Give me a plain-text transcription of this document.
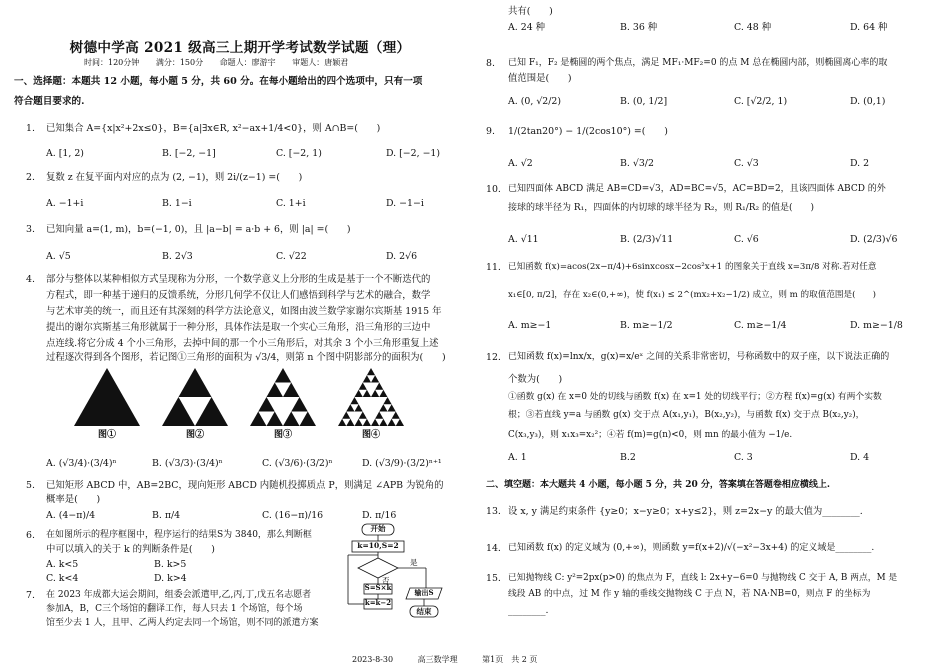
树德中学高 2021 级高三上期开学考试数学试题（理）
时间：120分钟 满分：150分 命题人：廖游宇 审题人：唐颖君
一、选择题：本题共 12 小题，每小题 5 分，共 60 分。在每小题给出的四个选项中，只有一项
符合题目要求的.
1. 已知集合 A={x|x²+2x≤0}，B={a|∃x∈R, x²−ax+1/4<0}，则 A∩B=(　　)
A. [1, 2)	B. [−2, −1]	C. [−2, 1)	D. [−2, −1)
2. 复数 z 在复平面内对应的点为 (2, −1)，则 2i/(z−1) =(　　)
A. −1+i	B. 1−i	C. 1+i	D. −1−i
3. 已知向量 a=(1, m)，b=(−1, 0)，且 |a−b| = a·b + 6，则 |a| =(　　)
A. √5	B. 2√3	C. √22	D. 2√6
4. 部分与整体以某种相似方式呈现称为分形，一个数学意义上分形的生成是基于一个不断迭代的
方程式，即一种基于递归的反馈系统，分形几何学不仅让人们感悟到科学与艺术的融合，数学
与艺术审美的统一，而且还有其深刻的科学方法论意义，如图由波兰数学家谢尔宾斯基 1915 年
提出的谢尔宾斯基三角形就属于一种分形，具体作法是取一个实心三角形，沿三角形的三边中
点连线.将它分成 4 个小三角形，去掉中间的那一个小三角形后，对其余 3 个小三角形重复上述
过程逐次得到各个图形，若记图①三角形的面积为 √3/4，则第 n 个图中阴影部分的面积为(　　)
图①	图②	图③	图④
A. (√3/4)·(3/4)ⁿ	B. (√3/3)·(3/4)ⁿ	C. (√3/6)·(3/2)ⁿ	D. (√3/9)·(3/2)ⁿ⁺¹
5. 已知矩形 ABCD 中，AB=2BC，现向矩形 ABCD 内随机投掷质点 P，则满足 ∠APB 为锐角的
概率是(　　)
A. (4−π)/4	B. π/4	C. (16−π)/16	D. π/16
6. 在如图所示的程序框图中，程序运行的结果S为 3840，那么判断框
中可以填入的关于 k 的判断条件是(　　)
A. k<5	B. k>5
C. k<4	D. k>4
开始
k=10,S=2
是
否
S=S×k
k=k−2
输出S
结束
7. 在 2023 年成都大运会期间，组委会派遣甲,乙,丙,丁,戊五名志愿者
参加A，B，C三个场馆的翻译工作，每人只去 1 个场馆，每个场
馆至少去 1 人，且甲、乙两人约定去同一个场馆，则不同的派遣方案
共有(　　)
A. 24 种	B. 36 种	C. 48 种	D. 64 种
8. 已知 F₁，F₂ 是椭圆的两个焦点，满足 MF₁·MF₂=0 的点 M 总在椭圆内部，则椭圆离心率的取
值范围是(　　)
A. (0, √2/2)	B. (0, 1/2]	C. [√2/2, 1)	D. (0,1)
9. 1/(2tan20°) − 1/(2cos10°) =(　　)
A. √2	B. √3/2	C. √3	D. 2
10. 已知四面体 ABCD 满足 AB=CD=√3，AD=BC=√5，AC=BD=2，且该四面体 ABCD 的外
接球的球半径为 R₁，四面体的内切球的球半径为 R₂，则 R₁/R₂ 的值是(　　)
A. √11	B. (2/3)√11	C. √6	D. (2/3)√6
11. 已知函数 f(x)=acos(2x−π/4)+6sinxcosx−2cos²x+1 的图象关于直线 x=3π/8 对称.若对任意
x₁∈[0, π/2]，存在 x₂∈(0,+∞)，使 f(x₁) ≤ 2^(mx₂+x₂−1/2) 成立，则 m 的取值范围是(　　)
A. m≥−1	B. m≥−1/2	C. m≥−1/4	D. m≥−1/8
12. 已知函数 f(x)=lnx/x，g(x)=x/eˣ 之间的关系非常密切，号称函数中的双子座，以下说法正确的
个数为(　　)
①函数 g(x) 在 x=0 处的切线与函数 f(x) 在 x=1 处的切线平行；②方程 f(x)=g(x) 有两个实数
根；③若直线 y=a 与函数 g(x) 交于点 A(x₁,y₁)，B(x₂,y₂)，与函数 f(x) 交于点 B(x₂,y₂)，
C(x₃,y₃)，则 x₁x₃=x₂²；④若 f(m)=g(n)<0，则 mn 的最小值为 −1/e.
A. 1	B.2	C. 3	D. 4
二、填空题：本大题共 4 小题，每小题 5 分，共 20 分，答案填在答题卷相应横线上.
13. 设 x, y 满足约束条件 {y≥0；x−y≥0；x+y≤2}，则 z=2x−y 的最大值为________.
14. 已知函数 f(x) 的定义域为 (0,+∞)，则函数 y=f(x+2)/√(−x²−3x+4) 的定义域是________.
15. 已知抛物线 C: y²=2px(p>0) 的焦点为 F，直线 l: 2x+y−6=0 与抛物线 C 交于 A, B 两点，M 是
线段 AB 的中点，过 M 作 y 轴的垂线交抛物线 C 于点 N，若 NA·NB=0，则点 F 的坐标为
________.
2023-8-30	高三数学理	第1页　共 2 页
